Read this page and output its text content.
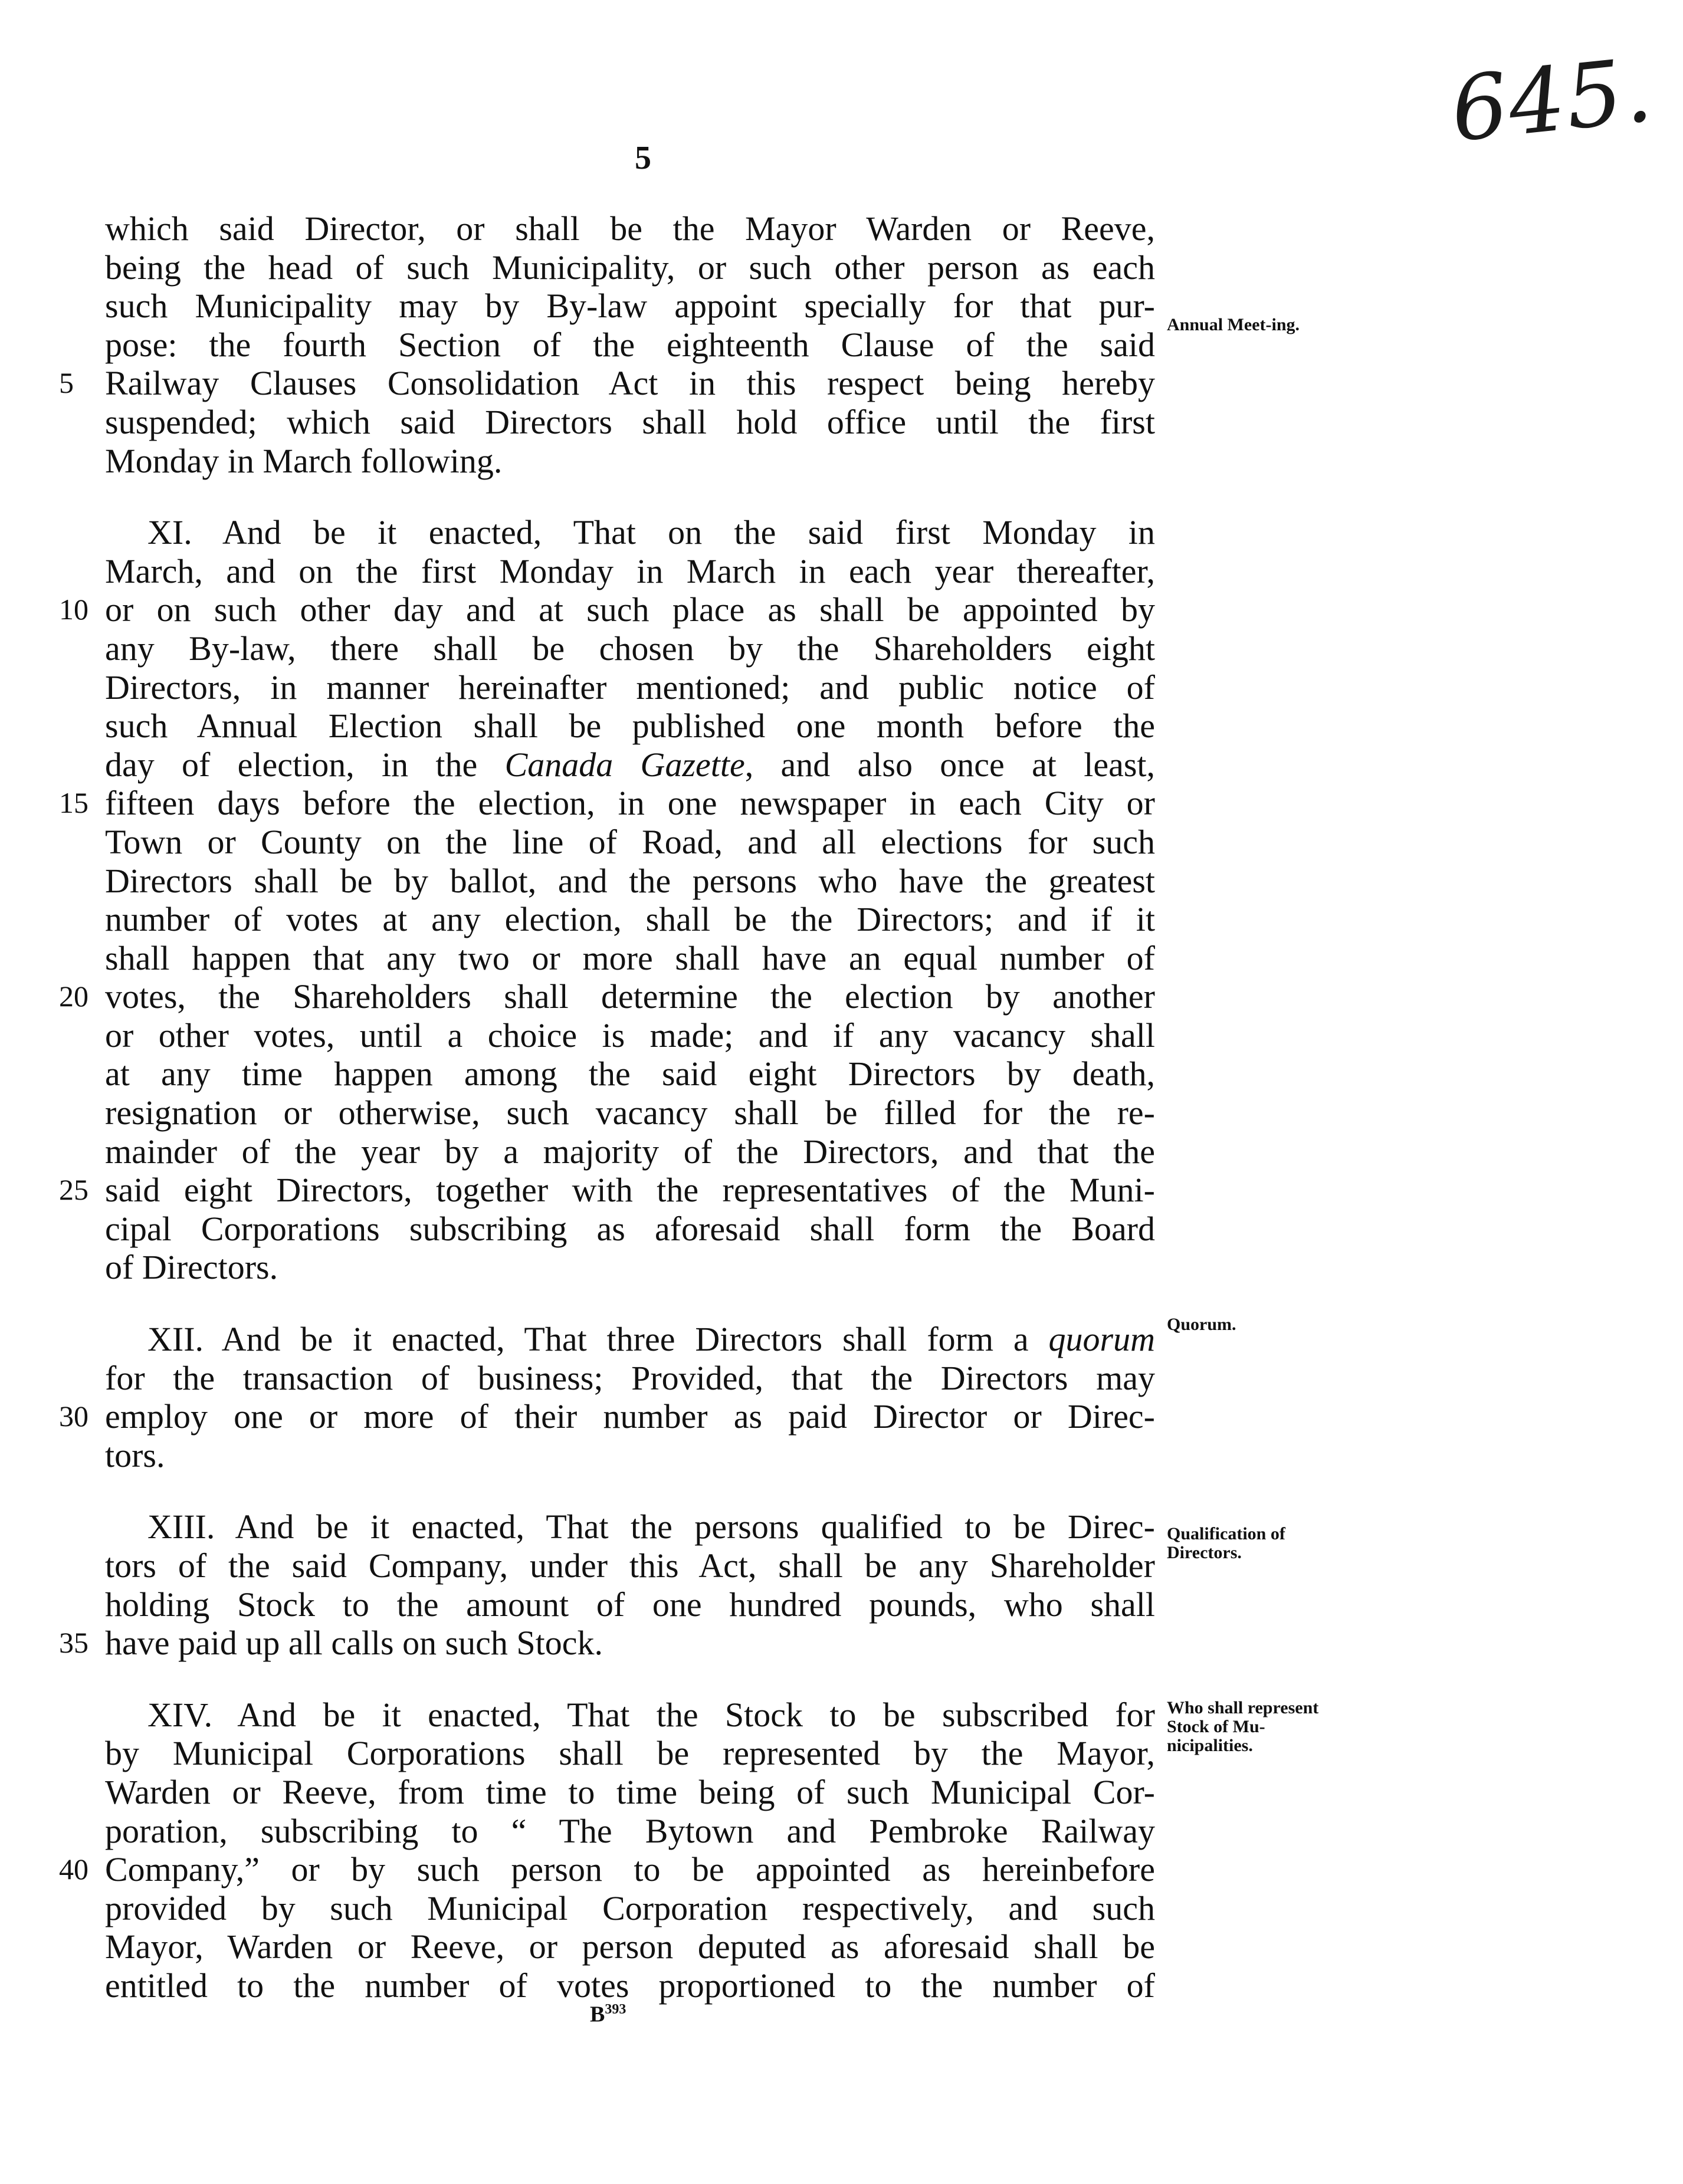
645.
5
which said Director, or shall be the Mayor Warden or Reeve,
being the head of such Municipality, or such other person as each
such Municipality may by By-law appoint specially for that pur-
pose: the fourth Section of the eighteenth Clause of the said
Railway Clauses Consolidation Act in this respect being hereby
5
suspended; which said Directors shall hold office until the first
Monday in March following.
XI. And be it enacted, That on the said first Monday in
March, and on the first Monday in March in each year thereafter,
or on such other day and at such place as shall be appointed by
10
any By-law, there shall be chosen by the Shareholders eight
Directors, in manner hereinafter mentioned; and public notice of
such Annual Election shall be published one month before the
day of election, in the Canada Gazette, and also once at least,
fifteen days before the election, in one newspaper in each City or
15
Town or County on the line of Road, and all elections for such
Directors shall be by ballot, and the persons who have the greatest
number of votes at any election, shall be the Directors; and if it
shall happen that any two or more shall have an equal number of
votes, the Shareholders shall determine the election by another
20
or other votes, until a choice is made; and if any vacancy shall
at any time happen among the said eight Directors by death,
resignation or otherwise, such vacancy shall be filled for the re-
mainder of the year by a majority of the Directors, and that the
said eight Directors, together with the representatives of the Muni-
25
cipal Corporations subscribing as aforesaid shall form the Board
of Directors.
XII. And be it enacted, That three Directors shall form a quorum
for the transaction of business; Provided, that the Directors may
employ one or more of their number as paid Director or Direc-
30
tors.
XIII. And be it enacted, That the persons qualified to be Direc-
tors of the said Company, under this Act, shall be any Shareholder
holding Stock to the amount of one hundred pounds, who shall
have paid up all calls on such Stock.
35
XIV. And be it enacted, That the Stock to be subscribed for
by Municipal Corporations shall be represented by the Mayor,
Warden or Reeve, from time to time being of such Municipal Cor-
poration, subscribing to “ The Bytown and Pembroke Railway
Company,” or by such person to be appointed as hereinbefore
40
provided by such Municipal Corporation respectively, and such
Mayor, Warden or Reeve, or person deputed as aforesaid shall be
entitled to the number of votes proportioned to the number of
Annual Meet-ing.
Quorum.
Qualification of Directors.
Who shall represent Stock of Mu-nicipalities.
$B^{393}$
